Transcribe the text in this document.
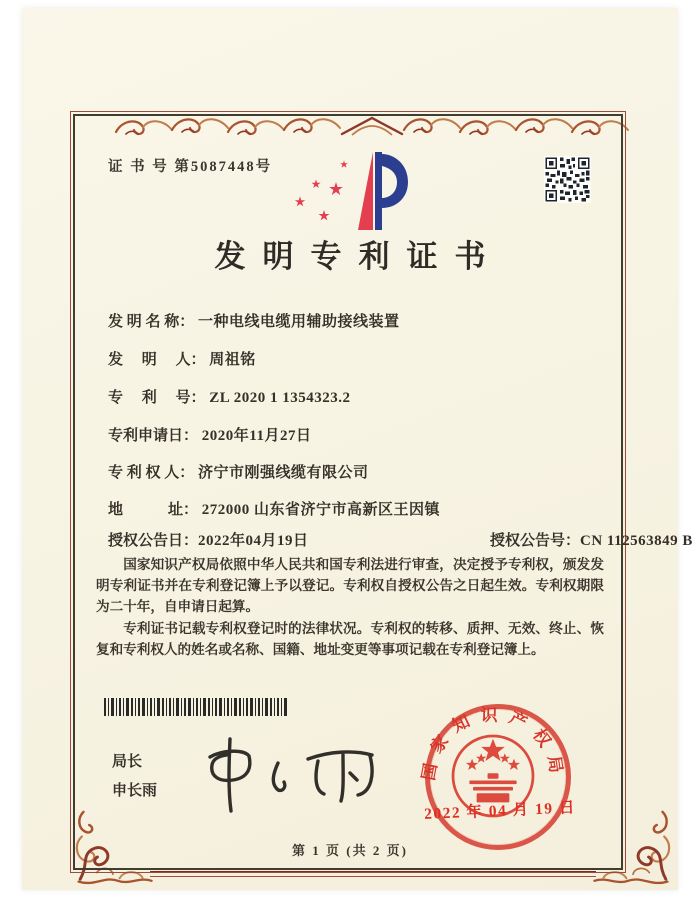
证 书 号 第5087448号
发明专利证书
发 明 名 称： 一种电线电缆用辅助接线装置
发　 明　 人： 周祖铭
专　 利　 号： ZL 2020 1 1354323.2
专利申请日： 2020年11月27日
专 利 权 人： 济宁市刚强线缆有限公司
地　　　址： 272000 山东省济宁市高新区王因镇
授权公告日：2022年04月19日	授权公告号：CN 112563849 B

国家知识产权局依照中华人民共和国专利法进行审查，决定授予专利权，颁发发明专利证书并在专利登记簿上予以登记。专利权自授权公告之日起生效。专利权期限为二十年，自申请日起算。

专利证书记载专利权登记时的法律状况。专利权的转移、质押、无效、终止、恢复和专利权人的姓名或名称、国籍、地址变更等事项记载在专利登记簿上。

局长
申长雨
国家知识产权局
2022 年 04 月 19 日
第 1 页 (共 2 页)
